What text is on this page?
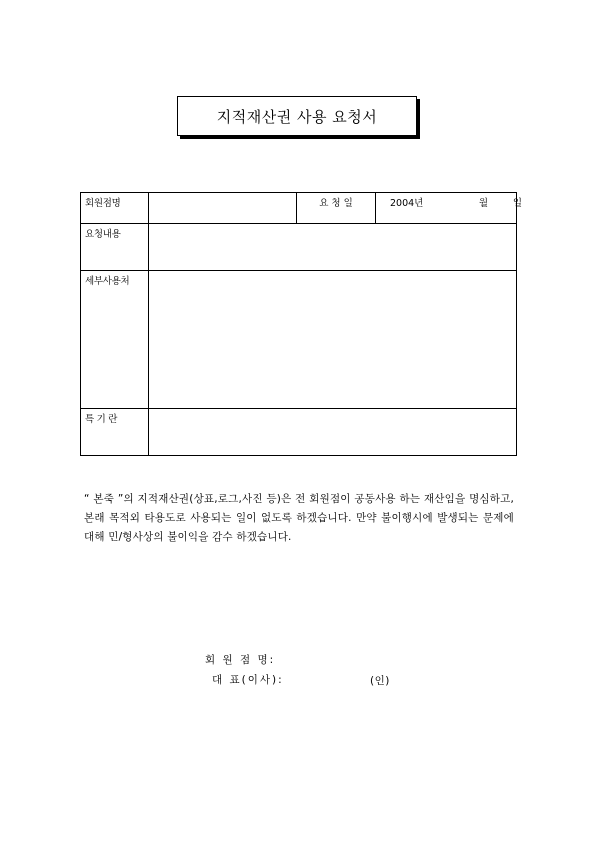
지적재산권 사용 요청서
회원점명		요 청 일	2004년 월 일
요청내용			
세부사용처			
특 기 란			
“ 본죽 ”의 지적재산권(상표,로그,사진 등)은 전 회원점이 공동사용 하는 재산임을 명심하고, 본래 목적외 타용도로 사용되는 일이 없도록 하겠습니다. 만약 불이행시에 발생되는 문제에 대해 민/형사상의 불이익을 감수 하겠습니다.
회 원 점 명:
대 표(이사):	(인)
